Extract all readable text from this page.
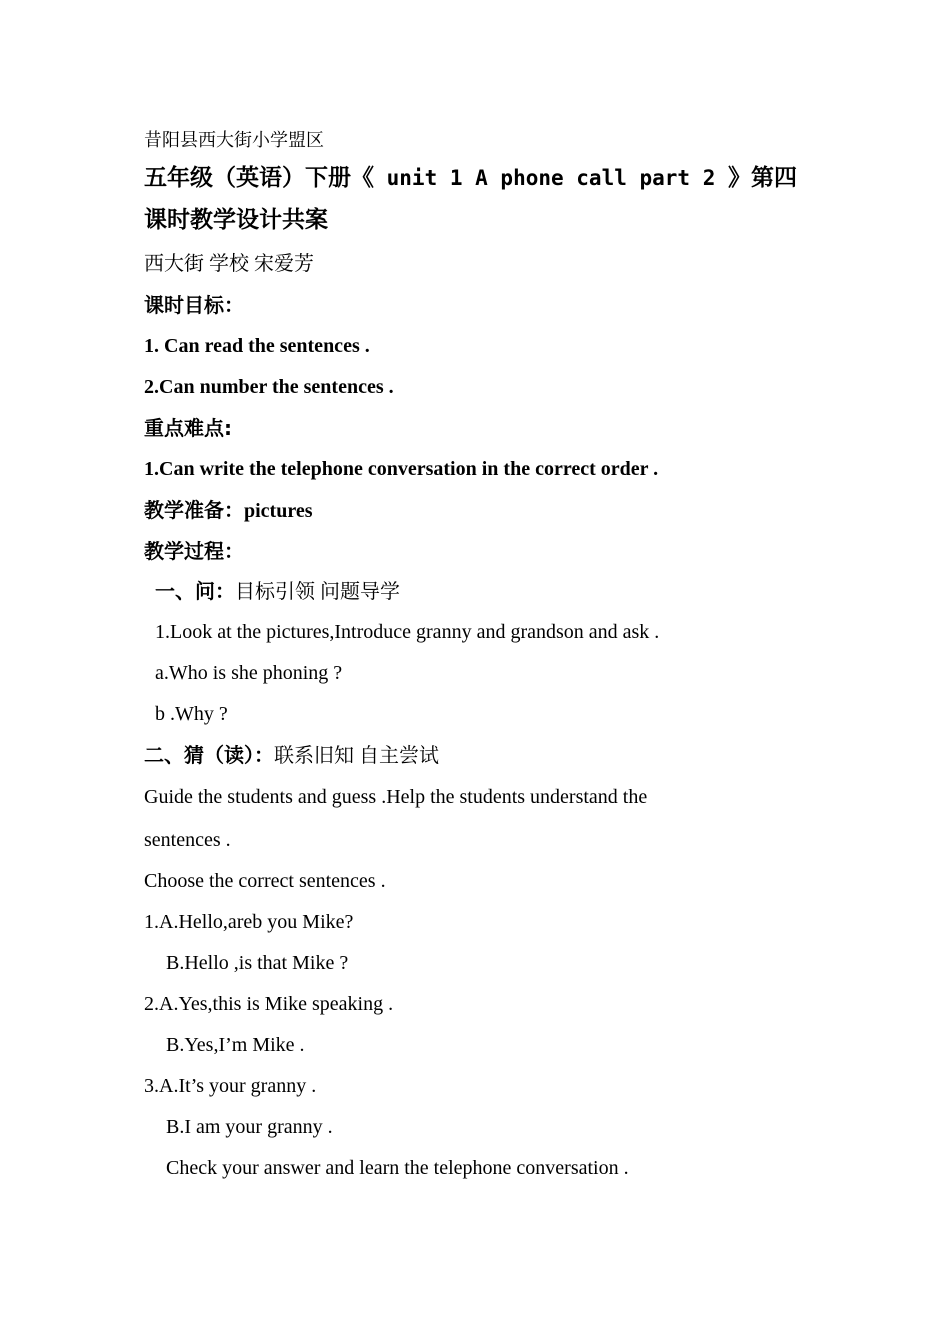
昔阳县西大街小学盟区
五年级（英语）下册《 unit 1 A phone call part 2 》第四
课时教学设计共案
西大街 学校 宋爱芳
课时目标：
1. Can read the sentences .
2.Can number the sentences .
重点难点:
1.Can write the telephone conversation in the correct order .
教学准备：pictures
教学过程：
一、问：目标引领 问题导学
1.Look at the pictures,Introduce granny and grandson and ask .
a.Who is she phoning ?
b .Why ?
二、猜（读）：联系旧知 自主尝试
Guide the students and guess .Help the students understand the
sentences .
Choose the correct sentences .
1.A.Hello,areb you Mike?
B.Hello ,is that Mike ?
2.A.Yes,this is Mike speaking .
B.Yes,I’m Mike .
3.A.It’s your granny .
B.I am your granny .
Check your answer and learn the telephone conversation .
